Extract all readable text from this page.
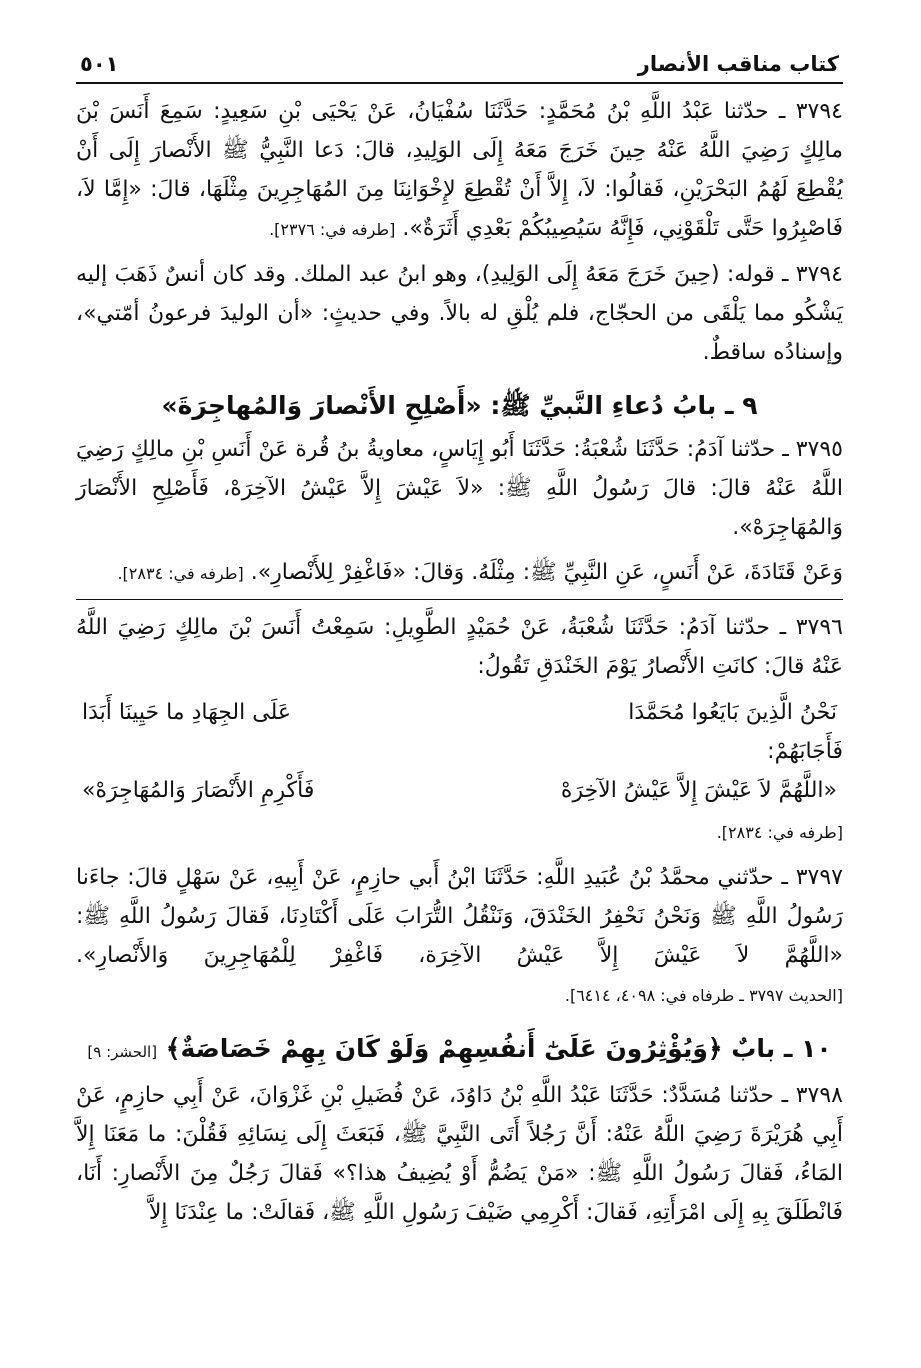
كتاب مناقب الأنصار
٥٠١

٣٧٩٤ ـ حدّثنا عَبْدُ اللَّهِ بْنُ مُحَمَّدٍ: حَدَّثَنَا سُفْيَانُ، عَنْ يَحْيَى بْنِ سَعِيدٍ: سَمِعَ أَنَسَ بْنَ مالِكٍ رَضِيَ اللَّهُ عَنْهُ حِينَ خَرَجَ مَعَهُ إِلَى الوَلِيدِ، قالَ: دَعا النَّبِيُّ ﷺ الأَنْصارَ إِلَى أَنْ يُقْطِعَ لَهُمُ البَحْرَيْنِ، فَقالُوا: لاَ، إِلاَّ أَنْ تُقْطِعَ لإِخْوَانِنَا مِنَ المُهَاجِرِينَ مِثْلَهَا، قالَ: «إِمَّا لاَ، فَاصْبِرُوا حَتَّى تَلْقَوْنِي، فَإِنَّهُ سَيُصِيبُكُمْ بَعْدِي أَثَرَةٌ». [طرفه في: ٢٣٧٦].

٣٧٩٤ ـ قوله: (حِينَ خَرَجَ مَعَهُ إِلَى الوَلِيدِ)، وهو ابنُ عبد الملك. وقد كان أنسٌ ذَهَبَ إليه يَشْكُو مما يَلْقَى من الحجّاج، فلم يُلْقِ له بالاً. وفي حديثٍ: «أن الوليدَ فرعونُ أمّتي»، وإسنادُه ساقطٌ.

٩ ـ بابُ دُعاءِ النَّبيِّ ﷺ: «أَصْلِحِ الأَنْصارَ وَالمُهاجِرَةَ»

٣٧٩٥ ـ حدّثنا آدَمُ: حَدَّثَنَا شُعْبَةُ: حَدَّثَنَا أَبُو إِيَاسٍ، معاويةُ بنُ قُرة عَنْ أَنَسِ بْنِ مالِكٍ رَضِيَ اللَّهُ عَنْهُ قالَ: قالَ رَسُولُ اللَّهِ ﷺ: «لاَ عَيْشَ إِلاَّ عَيْشُ الآخِرَهْ، فَأَصْلِحِ الأَنْصَارَ وَالمُهَاجِرَهْ».

وَعَنْ قَتَادَةَ، عَنْ أَنَسٍ، عَنِ النَّبِيِّ ﷺ: مِثْلَهُ. وَقالَ: «فَاغْفِرْ لِلأَنْصارِ». [طرفه في: ٢٨٣٤].

٣٧٩٦ ـ حدّثنا آدَمُ: حَدَّثَنَا شُعْبَةُ، عَنْ حُمَيْدٍ الطَّوِيلِ: سَمِعْتُ أَنَسَ بْنَ مالِكٍ رَضِيَ اللَّهُ عَنْهُ قالَ: كانَتِ الأَنْصارُ يَوْمَ الخَنْدَقِ تَقُولُ:

نَحْنُ الَّذِينَ بَايَعُوا مُحَمَّدَا
عَلَى الجِهَادِ ما حَيِينَا أَبَدَا

فَأَجَابَهُمْ:

«اللَّهُمَّ لاَ عَيْشَ إِلاَّ عَيْشُ الآخِرَهْ
فَأَكْرِمِ الأَنْصَارَ وَالمُهَاجِرَهْ»

[طرفه في: ٢٨٣٤].

٣٧٩٧ ـ حدّثني محمَّدُ بْنُ عُبَيدِ اللَّهِ: حَدَّثَنَا ابْنُ أَبي حازِمٍ، عَنْ أَبِيهِ، عَنْ سَهْلٍ قالَ: جاءَنا رَسُولُ اللَّهِ ﷺ وَنَحْنُ نَحْفِرُ الخَنْدَقَ، وَنَنْقُلُ التُّرَابَ عَلَى أَكْتَادِنَا، فَقالَ رَسُولُ اللَّهِ ﷺ: «اللَّهُمَّ لاَ عَيْشَ إِلاَّ عَيْشُ الآخِرَة، فَاغْفِرْ لِلْمُهَاجِرِينَ وَالأَنْصارِ». [الحديث ٣٧٩٧ ـ طرفاه في: ٤٠٩٨، ٦٤١٤].

١٠ ـ بابٌ ﴿وَيُؤْثِرُونَ عَلَىٰٓ أَنفُسِهِمْ وَلَوْ كَانَ بِهِمْ خَصَاصَةٌ﴾ [الحشر: ٩]

٣٧٩٨ ـ حدّثنا مُسَدَّدٌ: حَدَّثَنَا عَبْدُ اللَّهِ بْنُ دَاوُدَ، عَنْ فُضَيلِ بْنِ غَزْوَانَ، عَنْ أَبِي حازِمٍ، عَنْ أَبِي هُرَيْرَةَ رَضِيَ اللَّهُ عَنْهُ: أَنَّ رَجُلاً أَتَى النَّبِيَّ ﷺ، فَبَعَثَ إِلَى نِسَائِهِ فَقُلْنَ: ما مَعَنَا إِلاَّ المَاءُ، فَقالَ رَسُولُ اللَّهِ ﷺ: «مَنْ يَضُمُّ أَوْ يُضِيفُ هذا؟» فَقالَ رَجُلٌ مِنَ الأَنْصارِ: أَنَا، فَانْطَلَقَ بِهِ إِلَى امْرَأَتِهِ، فَقالَ: أَكْرِمِي ضَيْفَ رَسُولِ اللَّهِ ﷺ، فَقالَتْ: ما عِنْدَنَا إِلاَّ
